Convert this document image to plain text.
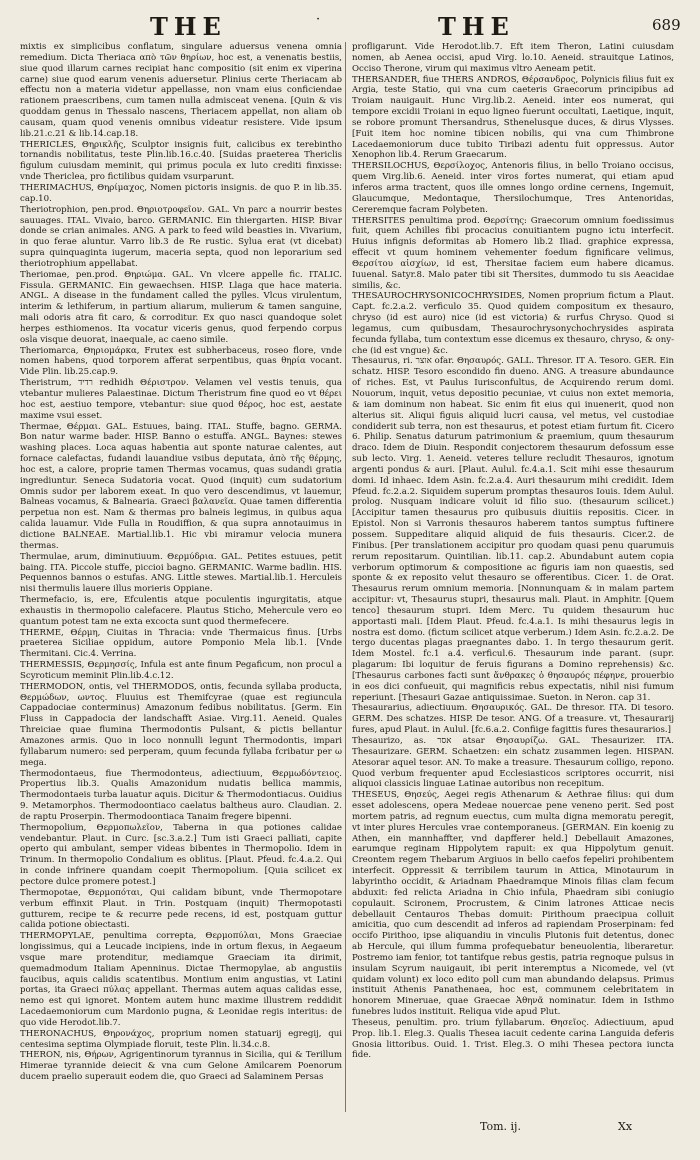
THE	·	THE	689

mixtis ex simplicibus conflatum, singulare aduersus venena omnia remedium. Dicta Theriaca απὸ τῶν θηρίων, hoc est, a venenatis bestiis, siue quod illarum carnes recipiat hanc compositio (sit enim ex viperina carne) siue quod earum venenis aduersetur. Plinius certe Theriacam ab effectu non a materia videtur appellasse, non vnam eius conficiendae rationem praescribens, cum tamen nulla admisceat venena. [Quin & vis quoddam genus in Thessalo nascens, Theriacem appellat, non aliam ob causam, quam quod venenis omnibus videatur resistere. Vide ipsum lib.21.c.21 & lib.14.cap.18.

THERICLES, Θηρικλῆς, Sculptor insignis fuit, calicibus ex terebintho tornandis nobilitatus, teste Plin.lib.16.c.40. [Suidas praeterea Thericlis figulum cuiusdam meminit, qui primus pocula ex luto crediti finxisse: vnde Thericlea, pro fictilibus quidam vsurparunt.

THERIMACHUS, Θηρίμαχος, Nomen pictoris insignis. de quo P. in lib.35. cap.10.

Theriotrophion, pen.prod. Θηριοτροφεῖον. GAL. Vn parc a nourrir bestes sauuages. ITAL. Vivaio, barco. GERMANIC. Ein thiergarten. HISP. Bivar donde se crian animales. ANG. A park to feed wild beasties in. Vivarium, in quo ferae aluntur. Varro lib.3 de Re rustic. Sylua erat (vt dicebat) supra quinquaginta iugerum, maceria septa, quod non leporarium sed theriotrophium appellabat.

Theriomae, pen.prod. Θηριώμα. GAL. Vn vlcere appelle fic. ITALIC. Fissula. GERMANIC. Ein gewaechsen. HISP. Llaga que hace materia. ANGL. A disease in the fundament called the pylles. Vlcus virulentum, interim & lethiferum, in partium aliarum, mulierum & tamen sanguine, mali odoris atra fit caro, & corroditur. Ex quo nasci quandoque solet herpes esthiomenos. Ita vocatur viceris genus, quod ferpendo corpus osla visque deuorat, inaequale, ac caeno simile.

Theriomarca, Θηριομάρκα, Frutex est subherbaceus, roseo flore, vnde nomen habens, quod torporem afferat serpentibus, quas θηρία vocant. Vide Plin. lib.25.cap.9.

Theristrum, רדיד redhidh Θέριστρον. Velamen vel vestis tenuis, qua vtebantur mulieres Palaestinae. Dictum Theristrum fine quod eo vt θέρει hoc est, aestiuo tempore, vtebantur: siue quod θέρος, hoc est, aestate maxime vsui esset.

Thermae, Θέρμαι. GAL. Estuues, baing. ITAL. Stuffe, bagno. GERMA. Bon natur warme bader. HISP. Banno o estuffa. ANGL. Baynes: stewes washing places. Loca aquas habentia aut sponte naturae calentes, aut fornace calefactas, fudandi lauandiue vsibus deputata, ἀπὸ τῆς θέρμης, hoc est, a calore, proprie tamen Thermas vocamus, quas sudandi gratia ingrediuntur. Seneca Sudatoria vocat. Quod (inquit) cum sudatorium Omnis sudor per laborem exeat. In quo vero descendimus, vt lauemur, Balneas vocamus, & Balnearia. Graeci βαλανεῖα. Quae tamen differentia perpetua non est. Nam & thermas pro balneis legimus, in quibus aqua calida lauamur. Vide Fulla in Roudiffion, & qua supra annotauimus in dictione BALNEAE. Martial.lib.1. Hic vbi miramur velocia munera thermas.

Thermulae, arum, diminutiuum. Θερμύδρια. GAL. Petites estuues, petit baing. ITA. Piccole stuffe, piccioi bagno. GERMANIC. Warme badlin. HIS. Pequennos bannos o estufas. ANG. Little stewes. Martial.lib.1. Herculeis nisi thermulis lauere illus morieris Oppiane.

Thermefacio, is, ere, Efculentis atque poculentis ingurgitatis, atque exhaustis in thermopolio calefacere. Plautus Sticho, Mehercule vero eo quantum potest tam ne exta excocta sunt quod thermefecere.

THERME, Θέρμη, Ciuitas in Thracia: vnde Thermaicus finus. [Urbs praeterea Siciliae oppidum, autore Pomponio Mela lib.1. [Vnde Thermitani. Cic.4. Verrina.

THERMESSIS, Θερμησσίς, Infula est ante finum Pegaficum, non procul a Scyroticum meminit Plin.lib.4.c.12.

THERMODON, ontis, vel THERMODOS, ontis, fecunda syllaba producta, Θερμώδων, ωντος. Fluuius est Themifcyrae (quae est regiuncula Cappadociae conterminus) Amazonum fedibus nobilitatus. [Germ. Ein Fluss in Cappadocia der landschafft Asiae. Virg.11. Aeneid. Quales Threiciae quae flumina Thermodontis Pulsant, & pictis bellantur Amazones armis. Quo in loco nonnulli legunt Thermodontis, impari fyllabarum numero: sed perperam, quum fecunda fyllaba fcribatur per ω mega.

Thermodontaeus, fiue Thermodonteus, adiectiuum, Θερμωδόντειος. Propertius lib.3. Qualis Amazonidum nudatis bellica mammis, Thermodontaeis turba lauatur aquis. Dicitur & Thermodontiacus. Ouidius 9. Metamorphos. Thermodoontiaco caelatus baltheus auro. Claudian. 2. de raptu Proserpin. Thermodoontiaca Tanaim fregere bipenni.

Thermopolium, Θερμοπωλεῖον, Taberna in qua potiones calidae vendebantur. Plaut. in Curc. [sc.3.a.2.] Tum isti Graeci palliati, capite operto qui ambulant, semper videas bibentes in Thermopolio. Idem in Trinum. In thermopolio Condalium es oblitus. [Plaut. Pfeud. fc.4.a.2. Qui in conde infrinere quandam coepit Thermopolium. [Quia scilicet ex pectore dulce promere potest.]

Thermopotae, Θερμοπόται, Qui calidam bibunt, vnde Thermopotare verbum effinxit Plaut. in Trin. Postquam (inquit) Thermopotasti gutturem, recipe te & recurre pede recens, id est, postquam guttur calida potione obiectasti.

THERMOPYLAE, penultima correpta, Θερμοπύλαι, Mons Graeciae longissimus, qui a Leucade incipiens, inde in ortum flexus, in Aegaeum vsque mare protenditur, mediamque Graeciam ita dirimit, quemadmodum Italiam Apenninus. Dictae Thermopylae, ab angustiis faucibus, aquis calidis scatentibus. Montium enim angustias, vt Latini portas, ita Graeci πύλας appellant. Thermas autem aquas calidas esse, nemo est qui ignoret. Montem autem hunc maxime illustrem reddidit Lacedaemoniorum cum Mardonio pugna, & Leonidae regis interitus: de quo vide Herodot.lib.7.

THERONACHUS, Θηρονάχος, proprium nomen statuarij egregij, qui centesima septima Olympiade floruit, teste Plin. li.34.c.8.

THERON, nis, Θήρων, Agrigentinorum tyrannus in Sicilia, qui & Terillum Himerae tyrannide deiecit & vna cum Gelone Amilcarem Poenorum ducem praelio superauit eodem die, quo Graeci ad Salaminem Persas

profligarunt. Vide Herodot.lib.7. Eft item Theron, Latini cuiusdam nomen, ab Aenea occisi, apud Virg. lo.10. Aeneid. strauitque Latinos, Occiso Therone, virum qui maximus vltro Aeneam petit.

THERSANDER, fiue THERS ANDROS, Θέρσανδρος, Polynicis filius fuit ex Argia, teste Statio, qui vna cum caeteris Graecorum principibus ad Troiam nauigauit. Hunc Virg.lib.2. Aeneid. inter eos numerat, qui tempore excidii Troiani in equo ligneo fuerunt occultati, Laetique, inquit, se robore promunt Thersandrus, Sthenelusque duces, & dirus Vlysses. [Fuit item hoc nomine tibicen nobilis, qui vna cum Thimbrone Lacedaemoniorum duce tubito Tiribazi adentu fuit oppressus. Autor Xenophon lib.4. Rerum Graecarum.

THERSILOCHUS, Θερσίλοχος, Antenoris filius, in bello Troiano occisus, quem Virg.lib.6. Aeneid. inter viros fortes numerat, qui etiam apud inferos arma tractent, quos ille omnes longo ordine cernens, Ingemuit, Glaucumque, Medontaque, Thersilochumque, Tres Antenoridas, Cereremque facram Polybeten.

THERSITES penultima prod. Θερσίτης: Graecorum omnium foedissimus fuit, quem Achilles fibi procacius conuitiantem pugno ictu interfecit. Huius infignis deformitas ab Homero lib.2 Iliad. graphice expressa, effecit vt quum hominem vehementer foedum fignificare velimus, Θερσίτου αἰσχίων, id est, Thersitae faciem eum habere dicamus. Iuuenal. Satyr.8. Malo pater tibi sit Thersites, dummodo tu sis Aeacidae similis, &c.

THESAUROCHRYSONICOCHRYSIDES, Nomen proprium fictum a Plaut. Capt. fc.2.a.2. verficulo 35. Quod quidem compositum ex thesauro, chryso (id est auro) nice (id est victoria) & rurfus Chryso. Quod si legamus, cum quibusdam, Thesaurochrysonychochrysides aspirata fecunda fyllaba, tum contextum esse dicemus ex thesauro, chryso, & ony- che (id est vngue) &c.

Thesaurus, ri. אוצר ofar. Θησαυρός. GALL. Thresor. IT A. Tesoro. GER. Ein schatz. HISP. Tesoro escondido fin dueno. ANG. A treasure abundaunce of riches. Est, vt Paulus Iurisconfultus, de Acquirendo rerum domi. Nouorum, inquit, vetus depositio pecuniae, vt cuius non extet memoria, & iam dominum non habeat. Sic enim fit eius qui inuenerit, quod non alterius sit. Aliqui figuis aliquid lucri causa, vel metus, vel custodiae condiderit sub terra, non est thesaurus, et potest etiam furtum fit. Cicero 6. Philip. Senatus daturum patrimonium & praemium, quum thesaurum draco. Idem de Diuin. Respondit conjectorem thesaurum defossum esse sub lecto. Virg. 1. Aeneid. veteres tellure recludit Thesauros, ignotum argenti pondus & auri. [Plaut. Aulul. fc.4.a.1. Scit mihi esse thesaurum domi. Id inhaec. Idem Asin. fc.2.a.4. Auri thesaurum mihi credidit. Idem Pfeud. fc.2.a.2. Siquidem superum promptas thesauros Iouis. Idem Aulul. prolog. Nusquam indicare voluit id filio suo. (thesaurum scilicet.) [Accipitur tamen thesaurus pro quibusuis diuitiis repositis. Cicer. in Epistol. Non si Varronis thesauros haberem tantos sumptus fuftinere possem. Suppeditare aliquid aliquid de fuis thesauris. Cicer.2. de Finibus. [Per translationem accipitur pro quodam quasi penu quarumuis rerum repositarum. Quintilian. lib.11. cap.2. Abundabunt autem copia verborum optimorum & compositione ac figuris iam non quaestis, sed sponte & ex reposito velut thesauro se offerentibus. Cicer. 1. de Orat. Thesaurus rerum omnium memoria. [Nonnunquam & in malam partem accipitur: vt, Thesaurus stupri, thesaurus mali. Plaut. in Amphitr. [Quem tenco] thesaurum stupri. Idem Merc. Tu quidem thesaurum huc apportasti mali. [Idem Plaut. Pfeud. fc.4.a.1. Is mihi thesaurus legis in nostra est domo. (fictum scilicet atque verberum.) Idem Asin. fc.2.a.2. De tergo ducentas plagas praegnantes dabo. 1. In tergo thesaurum gerit. Idem Mostel. fc.1 a.4. verficul.6. Thesaurum inde parant. (supr. plagarum: Ibi loquitur de feruis figurans a Domino reprehensis) &c. [Thesaurus carbones facti sunt ἄνθρακες ὁ θησαυρός πέφηνε, prouerbio in eos dici confueuit, qui magnificis rebus expectatis, nihil nisi fumum reperiunt. [Thesauri Gazae antiquissimae. Sueton. in Neron. cap 31.

Thesaurarius, adiectiuum. Θησαυρικός. GAL. De thresor. ITA. Di tesoro. GERM. Des schatzes. HISP. De tesor. ANG. Of a treasure. vt, Thesaurarij fures, apud Plaut. in Aulul. [fc.6.a.2. Confiige fagittis fures thesaurarios.]

Thesaurizo, as. אסר atsar Θησαυρίζω. GAL. Thesaurizer. ITA. Thesaurizare. GERM. Schaetzen: ein schatz zusammen legen. HISPAN. Atesorar aquel tesor. AN. To make a treasure. Thesaurum colligo, repono. Quod verbum frequenter apud Ecclesiasticos scriptores occurrit, nisi aliquoi classicis linguae Latinae autoribus non recepitum.

THESEUS, Θησεύς, Aegei regis Athenarum & Aethrae filius: qui dum esset adolescens, opera Medeae nouercae pene veneno perit. Sed post mortem patris, ad regnum euectus, cum multa digna memoratu peregit, vt inter plures Hercules vrae contemporaneus. [GERMAN. Ein koenig zu Athen, ein mannhaffter, vnd dapfferer held.] Debellauit Amazones, earumque reginam Hippolytem rapuit: ex qua Hippolytum genuit. Creontem regem Thebarum Argiuos in bello caefos fepeliri prohibentem interfecit. Oppressit & terribilem taurum in Attica, Minotaurum in labyrintho occidit, & Ariadnam Phaedramque Minois filias clam fecum abduxit: fed relicta Ariadna in Chio infula, Phaedram sibi coniugio copulauit. Scironem, Procrustem, & Cinim latrones Atticae necis debellauit Centauros Thebas domuit: Pirithoum praecipua colluit amicitia, quo cum descendit ad inferos ad rapiendam Proserpinam: fed occifo Pirithoo, ipse aliquandiu in vinculis Plutonis fuit detentus, donec ab Hercule, qui illum fumma profequebatur beneuolentia, liberaretur. Postremo iam fenior, tot tantifque rebus gestis, patria regnoque pulsus in insulam Scyrum nauigauit, ibi perit interemptus a Nicomede, vel (vt quidam volunt) ex loco edito poll cum man abundando delapsus. Primus instituit Athenis Panathenaea, hoc est, communem celebritatem in honorem Mineruae, quae Graecae Ἀθηνᾶ nominatur. Idem in Isthmo funebres ludos instituit. Reliqua vide apud Plut.

Theseus, penultim. pro. trium fyllabarum. Θησεῖος. Adiectiuum, apud Prop. lib.1. Eleg.3. Qualis Thesea iacuit cedente carina Languida deferis Gnosia littoribus. Ouid. 1. Trist. Eleg.3. O mihi Thesea pectora iuncta fide.

Tom. ij.	Xx
